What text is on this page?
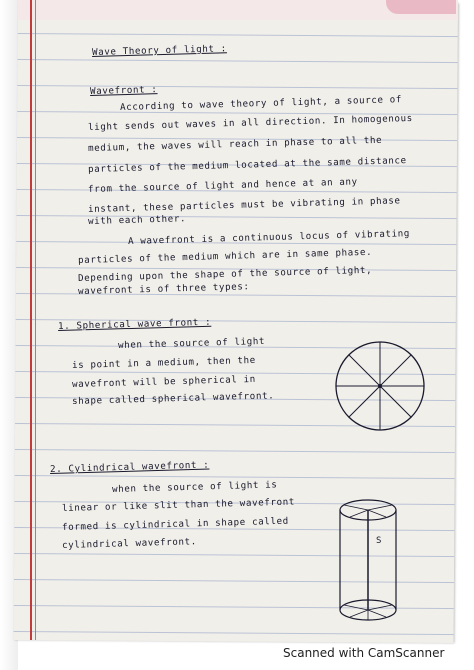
Wave Theory of light :
Wavefront :
According to wave theory of light, a source of
light sends out waves in all direction. In homogenous
medium, the waves will reach in phase to all the
particles of the medium located at the same distance
from the source of light and hence at an any
instant, these particles must be vibrating in phase
with each other.
A wavefront is a continuous locus of vibrating
particles of the medium which are in same phase.
Depending upon the shape of the source of light,
wavefront is of three types:
1. Spherical wave front :
when the source of light
is point in a medium, then the
wavefront will be spherical in
shape called spherical wavefront.
2. Cylindrical wavefront :
when the source of light is
linear or like slit than the wavefront
formed is cylindrical in shape called
cylindrical wavefront.	S
Scanned with CamScanner
